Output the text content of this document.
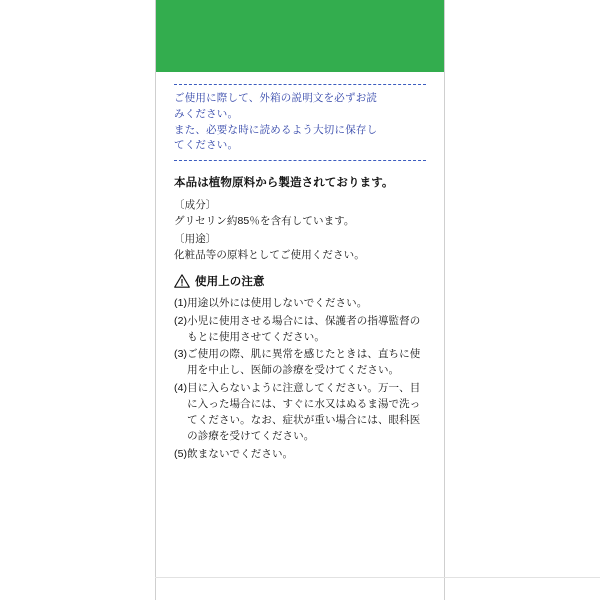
ご使用に際して、外箱の説明文を必ずお読

みください。

また、必要な時に読めるよう大切に保存し

てください。

本品は植物原料から製造されております。

〔成分〕

グリセリン約85％を含有しています。

〔用途〕

化粧品等の原料としてご使用ください。

使用上の注意
(1) 用途以外には使用しないでください。
(2) 小児に使用させる場合には、保護者の指導監督のもとに使用させてください。
(3) ご使用の際、肌に異常を感じたときは、直ちに使用を中止し、医師の診療を受けてください。
(4) 目に入らないように注意してください。万一、目に入った場合には、すぐに水又はぬるま湯で洗ってください。なお、症状が重い場合には、眼科医の診療を受けてください。
(5) 飲まないでください。
